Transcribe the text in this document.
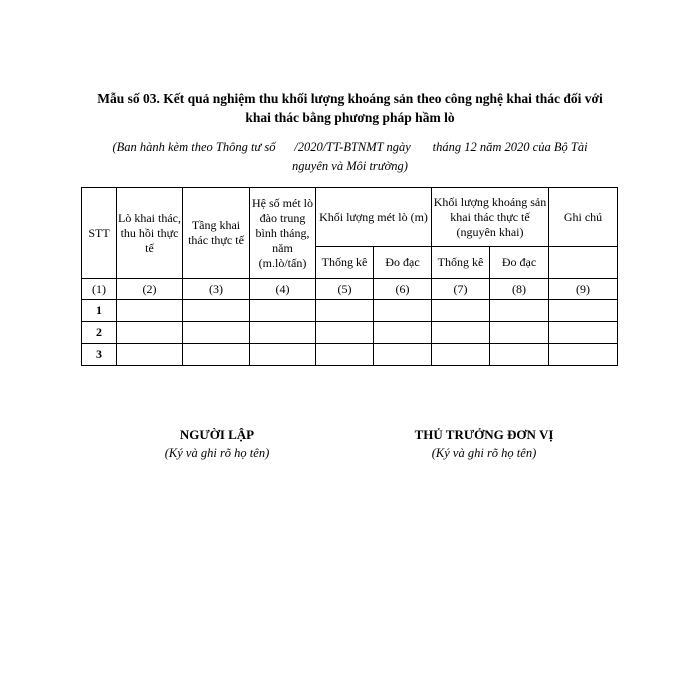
Mẫu số 03. Kết quả nghiệm thu khối lượng khoáng sản theo công nghệ khai thác đối với
khai thác bằng phương pháp hầm lò
(Ban hành kèm theo Thông tư số      /2020/TT-BTNMT ngày       tháng 12 năm 2020 của Bộ Tài
nguyên và Môi trường)
STT	Lò khai thác, thu hồi thực tế	Tầng khai thác thực tế	Hệ số mét lò đào trung bình tháng, năm (m.lò/tấn)	Khối lượng mét lò (m)		Khối lượng khoáng sản khai thác thực tế (nguyên khai)		Ghi chú
				Thống kê	Đo đạc	Thống kê	Đo đạc	
(1)	(2)	(3)	(4)	(5)	(6)	(7)	(8)	(9)
1								
2								
3								
NGƯỜI LẬP
(Ký và ghi rõ họ tên)
THỦ TRƯỞNG ĐƠN VỊ
(Ký và ghi rõ họ tên)
